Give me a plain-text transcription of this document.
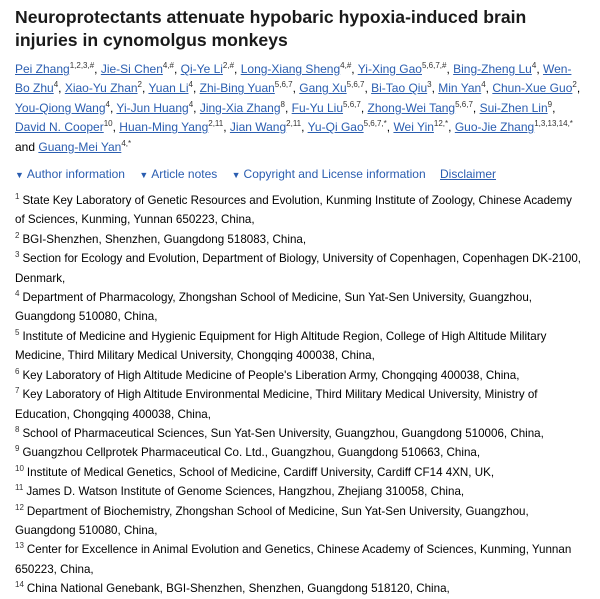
Neuroprotectants attenuate hypobaric hypoxia-induced brain injuries in cynomolgus monkeys
Pei Zhang$^{1,2,3,\#}$, Jie-Si Chen$^{4,\#}$, Qi-Ye $Li^{2,\#}$, Long-Xiang Sheng$^{4,\#}$, Yi-Xing Gao$^{5,6,7,\#}$, Bing-Zheng Lu$^4$, Wen-Bo Zhu$^4$, Xiao-Yu Zhan$^2$, Yuan Li$^4$, Zhi-Bing Yuan$^{5,6,7}$, Gang Xu$^{5,6,7}$, Bi-Tao Qiu$^3$, Min Yan$^4$, Chun-Xue Guo$^2$, You-Qiong Wang$^4$, Yi-Jun Huang$^4$, Jing-Xia Zhang$^8$, Fu-Yu Liu$^{5,6,7}$, Zhong-Wei Tang$^{5,6,7}$, Sui-Zhen Lin$^9$, David N. Cooper$^{10}$, Huan-Ming Yang$^{2,11}$, Jian Wang$^{2,11}$, Yu-Qi Gao$^{5,6,7,*}$, Wei Yin$^{12,*}$, Guo-Jie Zhang$^{1,3,13,14,*}$ and Guang-Mei Yan$^{4,*}$
▼ Author information ▼ Article notes ▼ Copyright and License information Disclaimer
$^1$ State Key Laboratory of Genetic Resources and Evolution, Kunming Institute of Zoology, Chinese Academy of Sciences, Kunming, Yunnan 650223, China,
$^2$ BGI-Shenzhen, Shenzhen, Guangdong 518083, China,
$^3$ Section for Ecology and Evolution, Department of Biology, University of Copenhagen, Copenhagen DK-2100, Denmark,
$^4$ Department of Pharmacology, Zhongshan School of Medicine, Sun Yat-Sen University, Guangzhou, Guangdong 510080, China,
$^5$ Institute of Medicine and Hygienic Equipment for High Altitude Region, College of High Altitude Military Medicine, Third Military Medical University, Chongqing 400038, China,
$^6$ Key Laboratory of High Altitude Medicine of People's Liberation Army, Chongqing 400038, China,
$^7$ Key Laboratory of High Altitude Environmental Medicine, Third Military Medical University, Ministry of Education, Chongqing 400038, China,
$^8$ School of Pharmaceutical Sciences, Sun Yat-Sen University, Guangzhou, Guangdong 510006, China,
$^9$ Guangzhou Cellprotek Pharmaceutical Co. Ltd., Guangzhou, Guangdong 510663, China,
$^{10}$ Institute of Medical Genetics, School of Medicine, Cardiff University, Cardiff CF14 4XN, UK,
$^{11}$ James D. Watson Institute of Genome Sciences, Hangzhou, Zhejiang 310058, China,
$^{12}$ Department of Biochemistry, Zhongshan School of Medicine, Sun Yat-Sen University, Guangzhou, Guangdong 510080, China,
$^{13}$ Center for Excellence in Animal Evolution and Genetics, Chinese Academy of Sciences, Kunming, Yunnan 650223, China,
$^{14}$ China National Genebank, BGI-Shenzhen, Shenzhen, Guangdong 518120, China,
